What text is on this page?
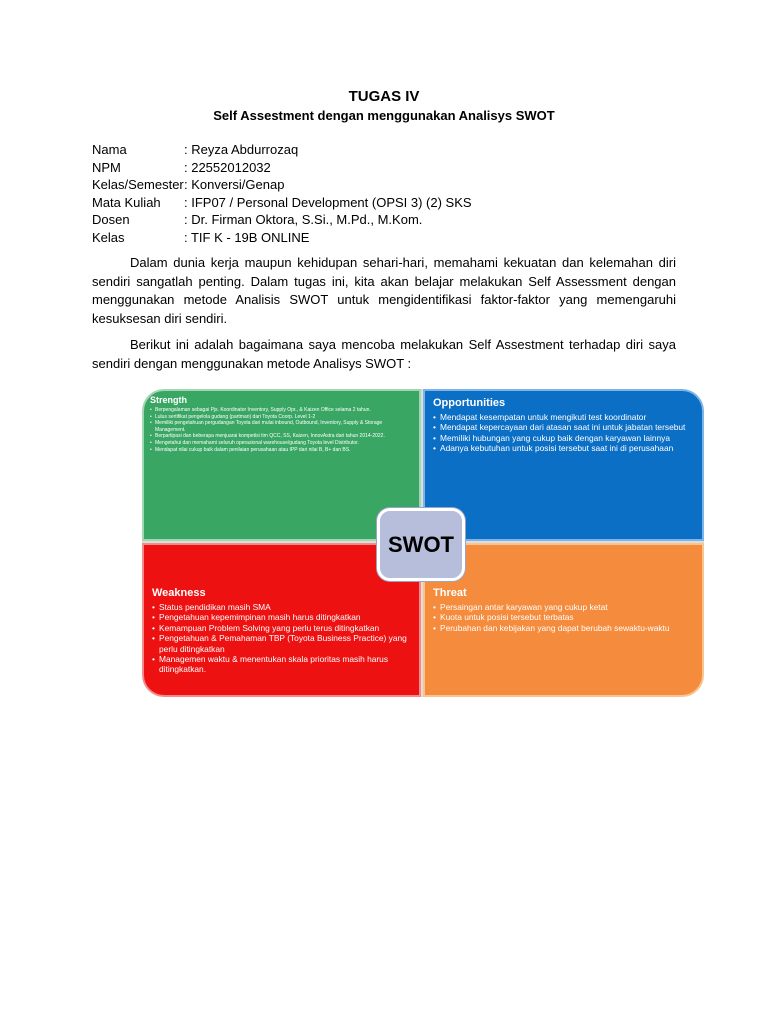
TUGAS IV
Self Assestment dengan menggunakan Analisys SWOT
Nama	: Reyza Abdurrozaq
NPM	: 22552012032
Kelas/Semester : Konversi/Genap
Mata Kuliah	: IFP07 / Personal Development (OPSI 3) (2) SKS
Dosen	: Dr. Firman Oktora, S.Si., M.Pd., M.Kom.
Kelas	: TIF K - 19B ONLINE

Dalam dunia kerja maupun kehidupan sehari-hari, memahami kekuatan dan kelemahan diri sendiri sangatlah penting. Dalam tugas ini, kita akan belajar melakukan Self Assessment dengan menggunakan metode Analisis SWOT untuk mengidentifikasi faktor-faktor yang memengaruhi kesuksesan diri sendiri.

Berikut ini adalah bagaimana saya mencoba melakukan Self Assestment terhadap diri saya sendiri dengan menggunakan metode Analisys SWOT :

Strength
• Berpengalaman sebagai Pjs. Koordinator Inventory, Supply Opr., & Kaizen Office selama 2 tahun.
• Lulus sertifikat pengelola gudang (partman) dari Toyota Coorp. Level 1-2
• Memiliki pengetahuan pergudangan Toyota dari mulai inbound, Outbound, Inventory, Supply & Storage Management.
• Berpartipasi dan beberapa menjuarai kompetisi tim QCC, SS, Kaizen, InnovAstra dari tahun 2014-2022.
• Mengetahui dan memahami seluruh operasional warehouse/gudang Toyota level Distributor.
• Mendapat nilai cukup baik dalam penilaian perusahaan atau IPP dari nilai B, B+ dan BS.
Opportunities
• Mendapat kesempatan untuk mengikuti test koordinator
• Mendapat kepercayaan dari atasan saat ini untuk jabatan tersebut
• Memiliki hubungan yang cukup baik dengan karyawan lainnya
• Adanya kebutuhan untuk posisi tersebut saat ini di perusahaan
Weakness
• Status pendidikan masih SMA
• Pengetahuan kepemimpinan masih harus ditingkatkan
• Kemampuan Problem Solving yang perlu terus ditingkatkan
• Pengetahuan & Pemahaman TBP (Toyota Business Practice) yang perlu ditingkatkan
• Managemen waktu & menentukan skala prioritas masih harus ditingkatkan.
Threat
• Persaingan antar karyawan yang cukup ketat
• Kuota untuk posisi tersebut terbatas
• Perubahan dan kebijakan yang dapat berubah sewaktu-waktu
SWOT
